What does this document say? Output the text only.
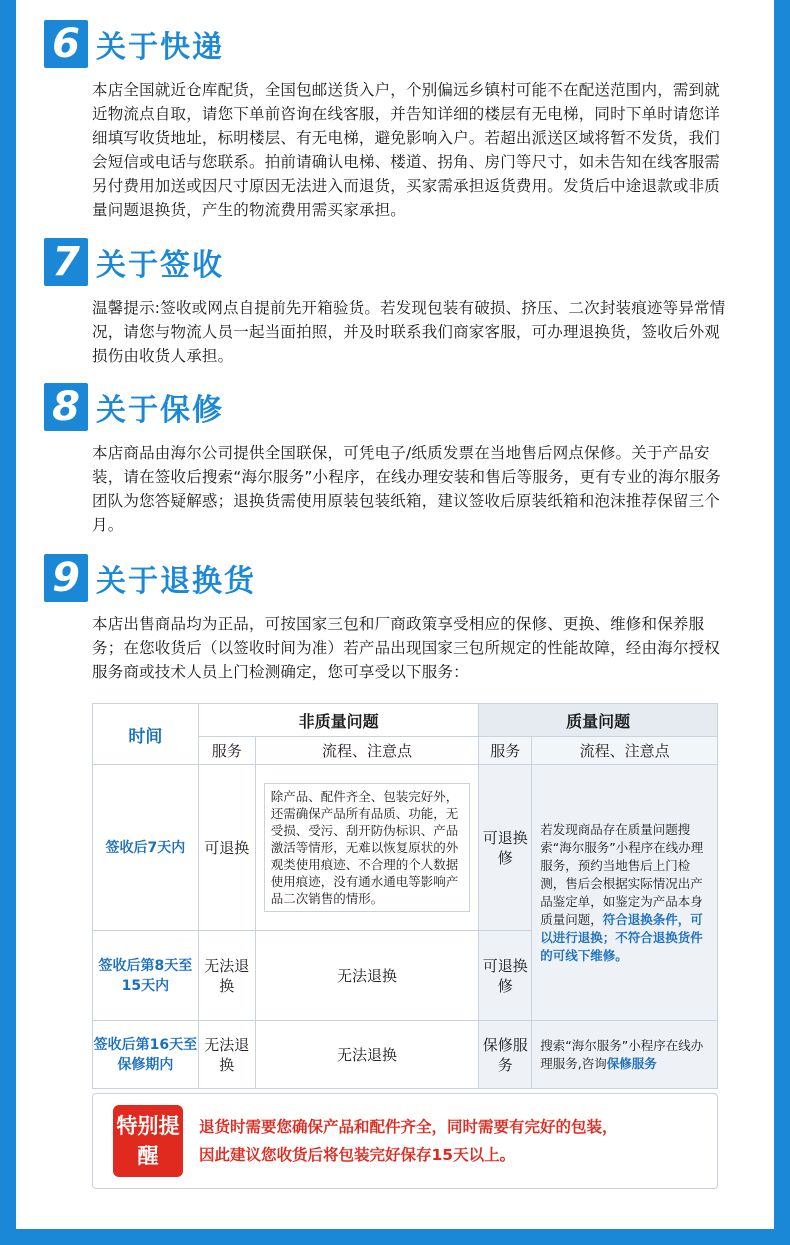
6 关于快递

本店全国就近仓库配货，全国包邮送货入户，个别偏远乡镇村可能不在配送范围内，需到就近物流点自取，请您下单前咨询在线客服，并告知详细的楼层有无电梯，同时下单时请您详细填写收货地址，标明楼层、有无电梯，避免影响入户。若超出派送区域将暂不发货，我们会短信或电话与您联系。拍前请确认电梯、楼道、拐角、房门等尺寸，如未告知在线客服需另付费用加送或因尺寸原因无法进入而退货，买家需承担返货费用。发货后中途退款或非质量问题退换货，产生的物流费用需买家承担。

7 关于签收

温馨提示:签收或网点自提前先开箱验货。若发现包装有破损、挤压、二次封装痕迹等异常情况，请您与物流人员一起当面拍照，并及时联系我们商家客服，可办理退换货，签收后外观损伤由收货人承担。

8 关于保修

本店商品由海尔公司提供全国联保，可凭电子/纸质发票在当地售后网点保修。关于产品安装，请在签收后搜索“海尔服务”小程序，在线办理安装和售后等服务，更有专业的海尔服务团队为您答疑解惑；退换货需使用原装包装纸箱，建议签收后原装纸箱和泡沫推荐保留三个月。

9 关于退换货

本店出售商品均为正品，可按国家三包和厂商政策享受相应的保修、更换、维修和保养服务；在您收货后（以签收时间为准）若产品出现国家三包所规定的性能故障，经由海尔授权服务商或技术人员上门检测确定，您可享受以下服务：

时间	非质量问题		质量问题	
	服务	流程、注意点	服务	流程、注意点
签收后7天内	可退换	除产品、配件齐全、包装完好外，还需确保产品所有品质、功能，无受损、受污、刮开防伪标识、产品激活等情形，无难以恢复原状的外观类使用痕迹、不合理的个人数据使用痕迹，没有通水通电等影响产品二次销售的情形。	可退换修	若发现商品存在质量问题搜索“海尔服务”小程序在线办理服务，预约当地售后上门检测，售后会根据实际情况出产品鉴定单，如鉴定为产品本身质量问题，符合退换条件，可以进行退换；不符合退换货件的可线下维修。
签收后第8天至15天内	无法退换	无法退换	可退换修	
签收后第16天至保修期内	无法退换	无法退换	保修服务	搜索“海尔服务”小程序在线办理服务,咨询保修服务
特别提醒
退货时需要您确保产品和配件齐全，同时需要有完好的包装，
因此建议您收货后将包装完好保存15天以上。
